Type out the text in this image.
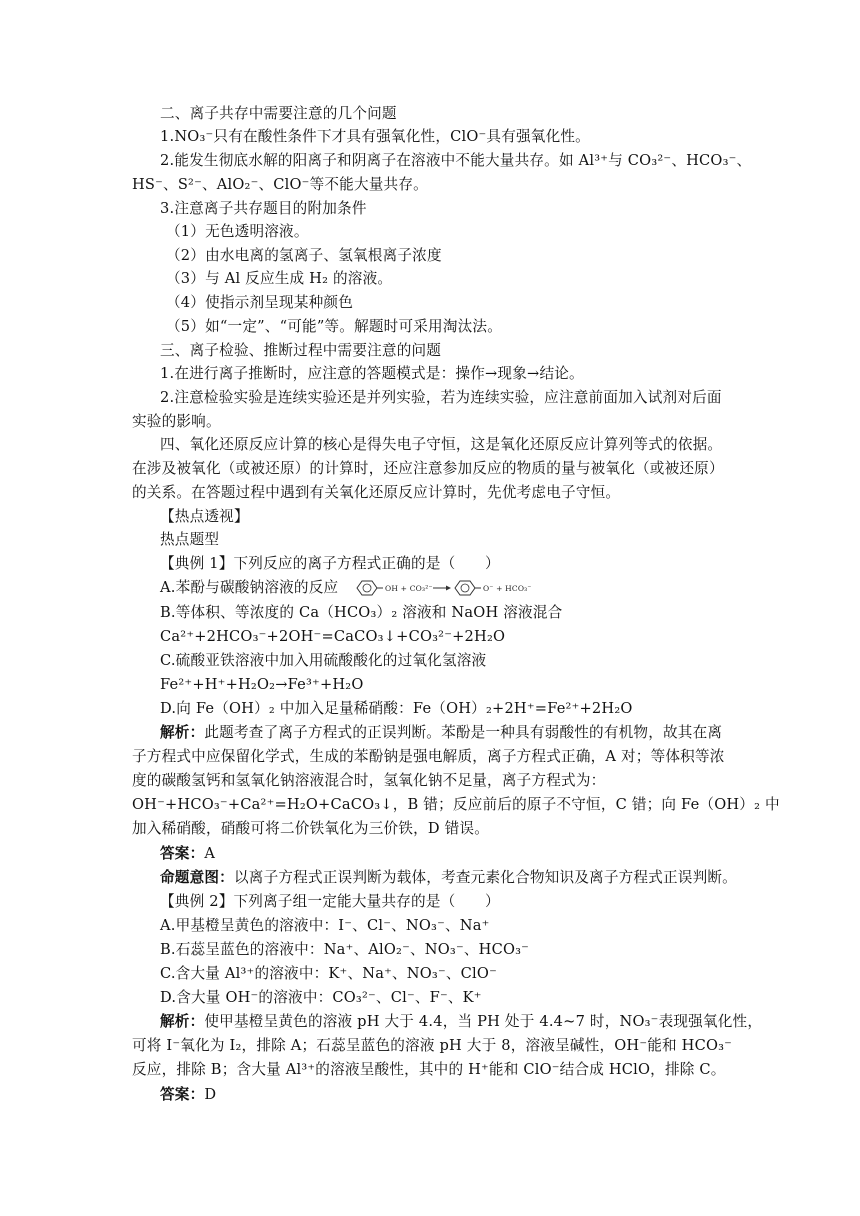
二、离子共存中需要注意的几个问题
1.NO₃⁻只有在酸性条件下才具有强氧化性，ClO⁻具有强氧化性。
2.能发生彻底水解的阳离子和阴离子在溶液中不能大量共存。如 Al³⁺与 CO₃²⁻、HCO₃⁻、
HS⁻、S²⁻、AlO₂⁻、ClO⁻等不能大量共存。
3.注意离子共存题目的附加条件
（1）无色透明溶液。
（2）由水电离的氢离子、氢氧根离子浓度
（3）与 Al 反应生成 H₂ 的溶液。
（4）使指示剂呈现某种颜色
（5）如“一定”、“可能”等。解题时可采用淘汰法。
三、离子检验、推断过程中需要注意的问题
1.在进行离子推断时，应注意的答题模式是：操作→现象→结论。
2.注意检验实验是连续实验还是并列实验，若为连续实验，应注意前面加入试剂对后面
实验的影响。
四、氧化还原反应计算的核心是得失电子守恒，这是氧化还原反应计算列等式的依据。
在涉及被氧化（或被还原）的计算时，还应注意参加反应的物质的量与被氧化（或被还原）
的关系。在答题过程中遇到有关氧化还原反应计算时，先优考虑电子守恒。
【热点透视】
热点题型
【典例 1】下列反应的离子方程式正确的是（　　）
A.苯酚与碳酸钠溶液的反应	OH + CO₃²⁻	O⁻ + HCO₃⁻
B.等体积、等浓度的 Ca（HCO₃）₂ 溶液和 NaOH 溶液混合
Ca²⁺+2HCO₃⁻+2OH⁻=CaCO₃↓+CO₃²⁻+2H₂O
C.硫酸亚铁溶液中加入用硫酸酸化的过氧化氢溶液
Fe²⁺+H⁺+H₂O₂→Fe³⁺+H₂O
D.向 Fe（OH）₂ 中加入足量稀硝酸：Fe（OH）₂+2H⁺=Fe²⁺+2H₂O
解析：此题考查了离子方程式的正误判断。苯酚是一种具有弱酸性的有机物，故其在离
子方程式中应保留化学式，生成的苯酚钠是强电解质，离子方程式正确，A 对；等体积等浓
度的碳酸氢钙和氢氧化钠溶液混合时，氢氧化钠不足量，离子方程式为：
OH⁻+HCO₃⁻+Ca²⁺=H₂O+CaCO₃↓，B 错；反应前后的原子不守恒，C 错；向 Fe（OH）₂ 中
加入稀硝酸，硝酸可将二价铁氧化为三价铁，D 错误。
答案：A
命题意图：以离子方程式正误判断为载体，考查元素化合物知识及离子方程式正误判断。
【典例 2】下列离子组一定能大量共存的是（　　）
A.甲基橙呈黄色的溶液中：I⁻、Cl⁻、NO₃⁻、Na⁺
B.石蕊呈蓝色的溶液中：Na⁺、AlO₂⁻、NO₃⁻、HCO₃⁻
C.含大量 Al³⁺的溶液中：K⁺、Na⁺、NO₃⁻、ClO⁻
D.含大量 OH⁻的溶液中：CO₃²⁻、Cl⁻、F⁻、K⁺
解析：使甲基橙呈黄色的溶液 pH 大于 4.4，当 PH 处于 4.4~7 时，NO₃⁻表现强氧化性，
可将 I⁻氧化为 I₂，排除 A；石蕊呈蓝色的溶液 pH 大于 8，溶液呈碱性，OH⁻能和 HCO₃⁻
反应，排除 B；含大量 Al³⁺的溶液呈酸性，其中的 H⁺能和 ClO⁻结合成 HClO，排除 C。
答案：D
